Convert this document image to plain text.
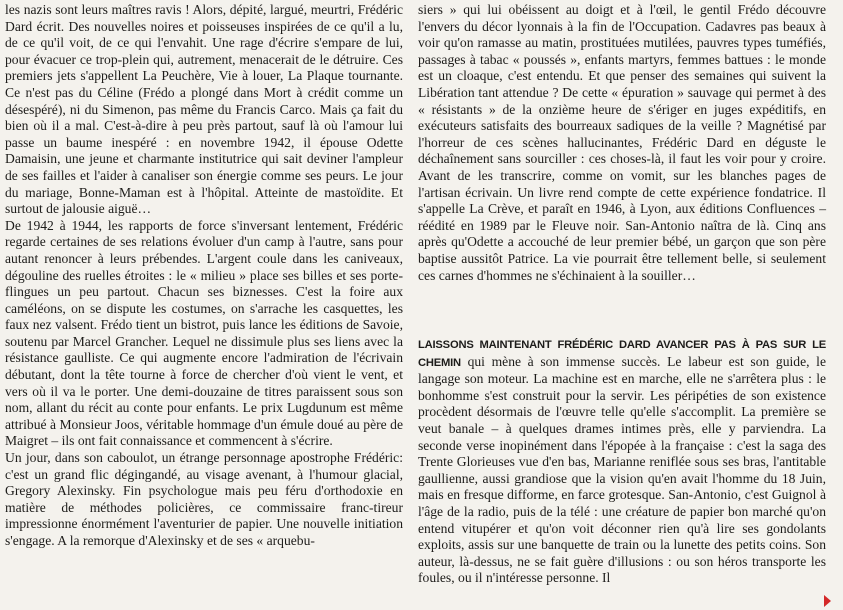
les nazis sont leurs maîtres ravis ! Alors, dépité, largué, meurtri, Frédéric Dard écrit. Des nouvelles noires et poisseuses inspirées de ce qu'il a lu, de ce qu'il voit, de ce qui l'envahit. Une rage d'écrire s'empare de lui, pour évacuer ce trop-plein qui, autrement, menacerait de le détruire. Ces premiers jets s'appellent La Peuchère, Vie à louer, La Plaque tournante. Ce n'est pas du Céline (Frédo a plongé dans Mort à crédit comme un désespéré), ni du Simenon, pas même du Francis Carco. Mais ça fait du bien où il a mal. C'est-à-dire à peu près partout, sauf là où l'amour lui passe un baume inespéré : en novembre 1942, il épouse Odette Damaisin, une jeune et charmante institutrice qui sait deviner l'ampleur de ses failles et l'aider à canaliser son énergie comme ses peurs. Le jour du mariage, Bonne-Maman est à l'hôpital. Atteinte de mastoïdite. Et surtout de jalousie aiguë…

De 1942 à 1944, les rapports de force s'inversant lentement, Frédéric regarde certaines de ses relations évoluer d'un camp à l'autre, sans pour autant renoncer à leurs prébendes. L'argent coule dans les caniveaux, dégouline des ruelles étroites : le « milieu » place ses billes et ses porte-flingues un peu partout. Chacun ses biznesses. C'est la foire aux caméléons, on se dispute les costumes, on s'arrache les casquettes, les faux nez valsent. Frédo tient un bistrot, puis lance les éditions de Savoie, soutenu par Marcel Grancher. Lequel ne dissimule plus ses liens avec la résistance gaulliste. Ce qui augmente encore l'admiration de l'écrivain débutant, dont la tête tourne à force de chercher d'où vient le vent, et vers où il va le porter. Une demi-douzaine de titres paraissent sous son nom, allant du récit au conte pour enfants. Le prix Lugdunum est même attribué à Monsieur Joos, véritable hommage d'un émule doué au père de Maigret – ils ont fait connaissance et commencent à s'écrire.

Un jour, dans son caboulot, un étrange personnage apostrophe Frédéric: c'est un grand flic dégingandé, au visage avenant, à l'humour glacial, Gregory Alexinsky. Fin psychologue mais peu féru d'orthodoxie en matière de méthodes policières, ce commissaire franc-tireur impressionne énormément l'aventurier de papier. Une nouvelle initiation s'engage. A la remorque d'Alexinsky et de ses « arquebu-

siers » qui lui obéissent au doigt et à l'œil, le gentil Frédo découvre l'envers du décor lyonnais à la fin de l'Occupation. Cadavres pas beaux à voir qu'on ramasse au matin, prostituées mutilées, pauvres types tuméfiés, passages à tabac « poussés », enfants martyrs, femmes battues : le monde est un cloaque, c'est entendu. Et que penser des semaines qui suivent la Libération tant attendue ? De cette « épuration » sauvage qui permet à des « résistants » de la onzième heure de s'ériger en juges expéditifs, en exécuteurs satisfaits des bourreaux sadiques de la veille ? Magnétisé par l'horreur de ces scènes hallucinantes, Frédéric Dard en déguste le déchaînement sans sourciller : ces choses-là, il faut les voir pour y croire. Avant de les transcrire, comme on vomit, sur les blanches pages de l'artisan écrivain. Un livre rend compte de cette expérience fondatrice. Il s'appelle La Crève, et paraît en 1946, à Lyon, aux éditions Confluences – réédité en 1989 par le Fleuve noir. San-Antonio naîtra de là. Cinq ans après qu'Odette a accouché de leur premier bébé, un garçon que son père baptise aussitôt Patrice. La vie pourrait être tellement belle, si seulement ces carnes d'hommes ne s'échinaient à la souiller…

LAISSONS MAINTENANT FRÉDÉRIC DARD AVANCER PAS À PAS SUR LE CHEMIN qui mène à son immense succès. Le labeur est son guide, le langage son moteur. La machine est en marche, elle ne s'arrêtera plus : le bonhomme s'est construit pour la servir. Les péripéties de son existence procèdent désormais de l'œuvre telle qu'elle s'accomplit. La première se veut banale – à quelques drames intimes près, elle y parviendra. La seconde verse inopinément dans l'épopée à la française : c'est la saga des Trente Glorieuses vue d'en bas, Marianne reniflée sous ses bras, l'antitable gaullienne, aussi grandiose que la vision qu'en avait l'homme du 18 Juin, mais en fresque difforme, en farce grotesque. San-Antonio, c'est Guignol à l'âge de la radio, puis de la télé : une créature de papier bon marché qu'on entend vitupérer et qu'on voit déconner rien qu'à lire ses gondolants exploits, assis sur une banquette de train ou la lunette des petits coins. Son auteur, là-dessus, ne se fait guère d'illusions : ou son héros transporte les foules, ou il n'intéresse personne. Il
